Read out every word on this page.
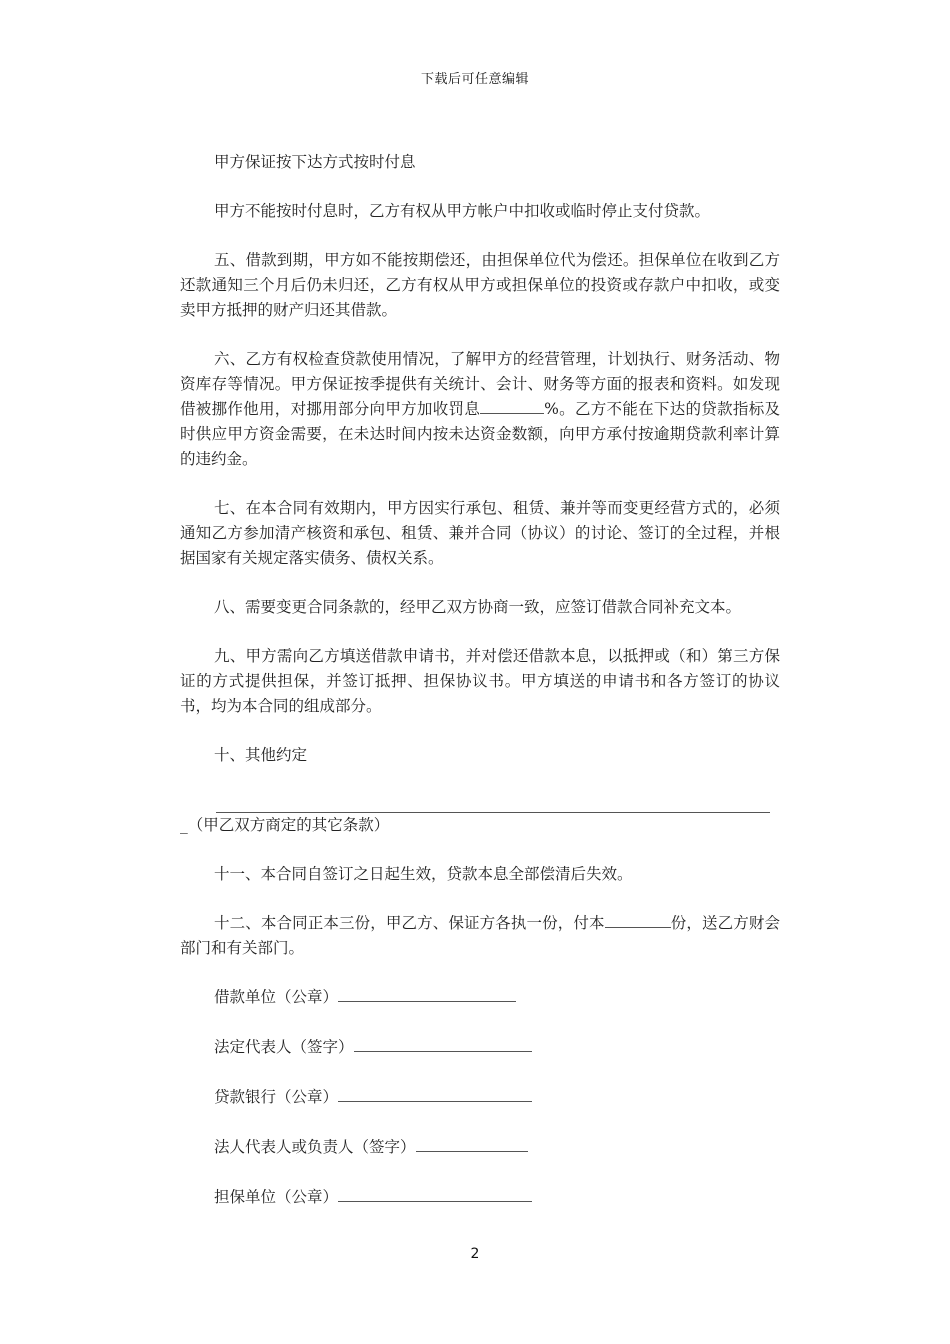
下载后可任意编辑

甲方保证按下达方式按时付息

甲方不能按时付息时，乙方有权从甲方帐户中扣收或临时停止支付贷款。

五、借款到期，甲方如不能按期偿还，由担保单位代为偿还。担保单位在收到乙方还款通知三个月后仍未归还，乙方有权从甲方或担保单位的投资或存款户中扣收，或变卖甲方抵押的财产归还其借款。

六、乙方有权检查贷款使用情况，了解甲方的经营管理，计划执行、财务活动、物资库存等情况。甲方保证按季提供有关统计、会计、财务等方面的报表和资料。如发现借被挪作他用，对挪用部分向甲方加收罚息	%。乙方不能在下达的贷款指标及时供应甲方资金需要，在未达时间内按未达资金数额，向甲方承付按逾期贷款利率计算的违约金。

七、在本合同有效期内，甲方因实行承包、租赁、兼并等而变更经营方式的，必须通知乙方参加清产核资和承包、租赁、兼并合同（协议）的讨论、签订的全过程，并根据国家有关规定落实债务、债权关系。

八、需要变更合同条款的，经甲乙双方协商一致，应签订借款合同补充文本。

九、甲方需向乙方填送借款申请书，并对偿还借款本息，以抵押或（和）第三方保证的方式提供担保，并签订抵押、担保协议书。甲方填送的申请书和各方签订的协议书，均为本合同的组成部分。

十、其他约定

_（甲乙双方商定的其它条款）

十一、本合同自签订之日起生效，贷款本息全部偿清后失效。

十二、本合同正本三份，甲乙方、保证方各执一份，付本	份，送乙方财会部门和有关部门。

借款单位（公章）

法定代表人（签字）

贷款银行（公章）

法人代表人或负责人（签字）

担保单位（公章）

2
